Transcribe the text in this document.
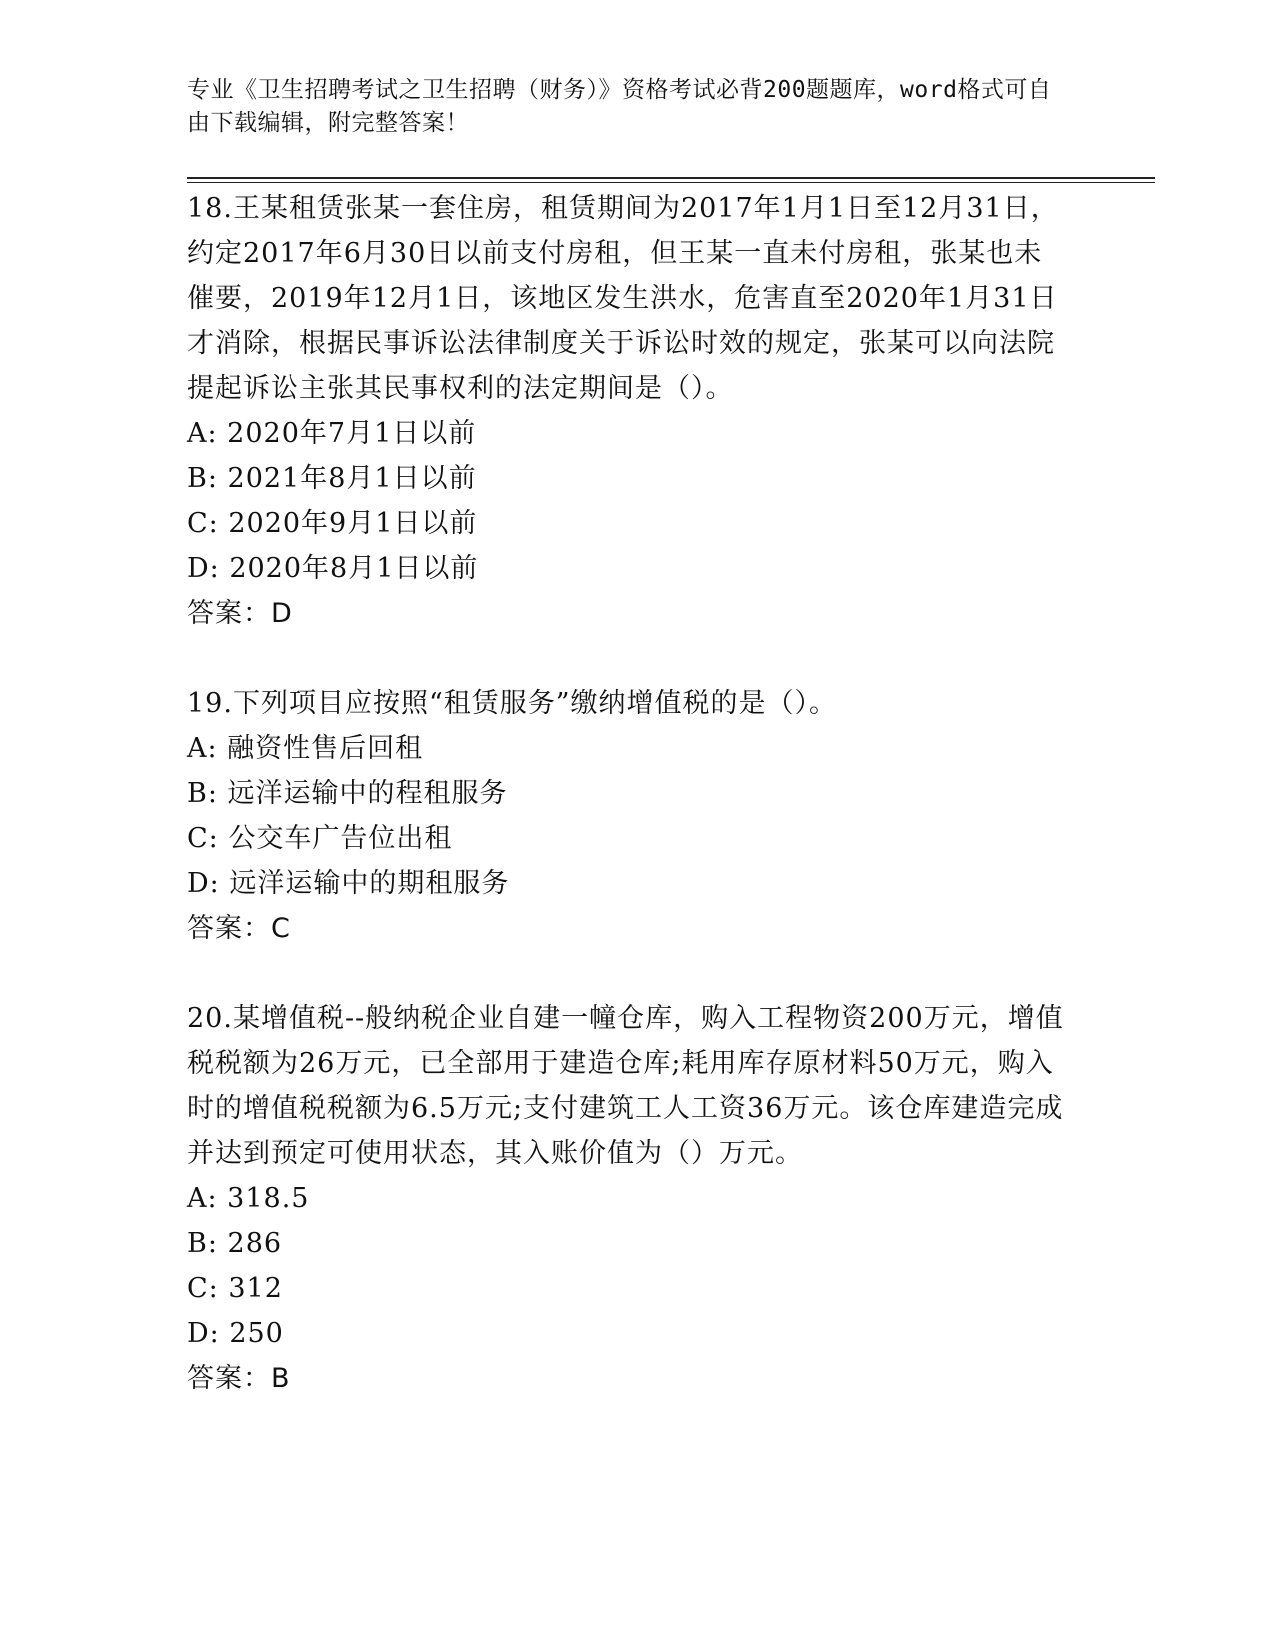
专业《卫生招聘考试之卫生招聘（财务）》资格考试必背200题题库，word格式可自由下载编辑，附完整答案！
18.王某租赁张某一套住房，租赁期间为2017年1月1日至12月31日，约定2017年6月30日以前支付房租，但王某一直未付房租，张某也未催要，2019年12月1日，该地区发生洪水，危害直至2020年1月31日才消除，根据民事诉讼法律制度关于诉讼时效的规定，张某可以向法院提起诉讼主张其民事权利的法定期间是（）。
A: 2020年7月1日以前
B: 2021年8月1日以前
C: 2020年9月1日以前
D: 2020年8月1日以前
答案：D
19.下列项目应按照“租赁服务”缴纳增值税的是（）。
A: 融资性售后回租
B: 远洋运输中的程租服务
C: 公交车广告位出租
D: 远洋运输中的期租服务
答案：C
20.某增值税--般纳税企业自建一幢仓库，购入工程物资200万元，增值税税额为26万元，已全部用于建造仓库;耗用库存原材料50万元，购入时的增值税税额为6.5万元;支付建筑工人工资36万元。该仓库建造完成并达到预定可使用状态，其入账价值为（）万元。
A: 318.5
B: 286
C: 312
D: 250
答案：B
